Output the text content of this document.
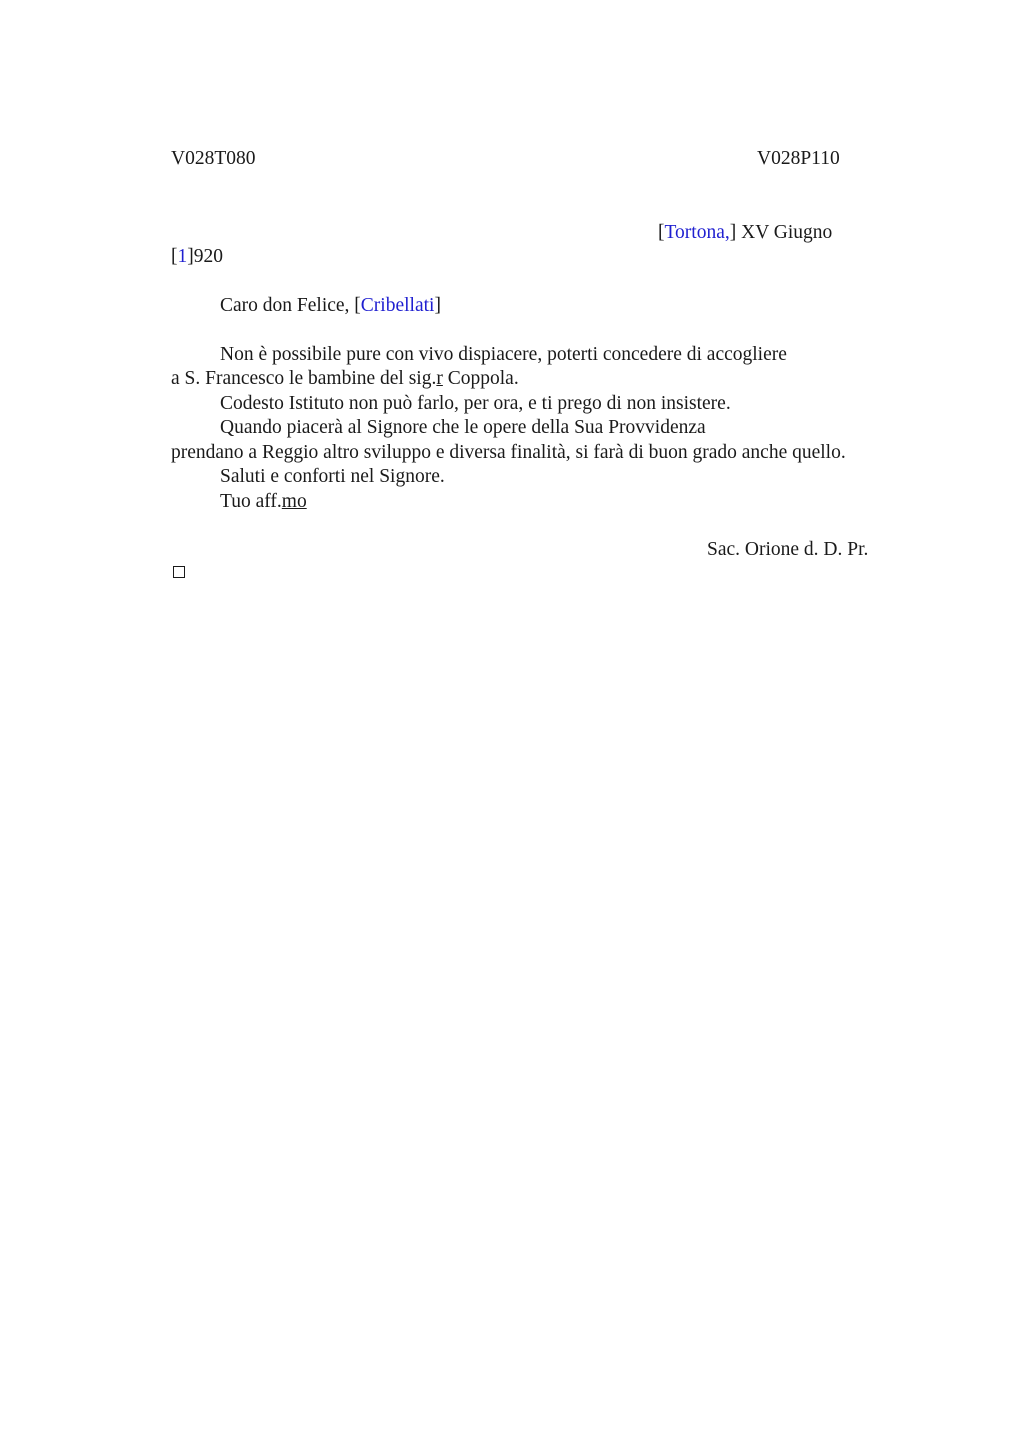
V028T080	V028P110
[Tortona,] XV Giugno
[1]920
Caro don Felice, [Cribellati]
Non è possibile pure con vivo dispiacere, poterti concedere di accogliere
a S. Francesco le bambine del sig.r Coppola.
Codesto Istituto non può farlo, per ora, e ti prego di non insistere.
Quando piacerà al Signore che le opere della Sua Provvidenza
prendano a Reggio altro sviluppo e diversa finalità, si farà di buon grado anche quello.
Saluti e conforti nel Signore.
Tuo aff.mo
Sac. Orione d. D. Pr.
